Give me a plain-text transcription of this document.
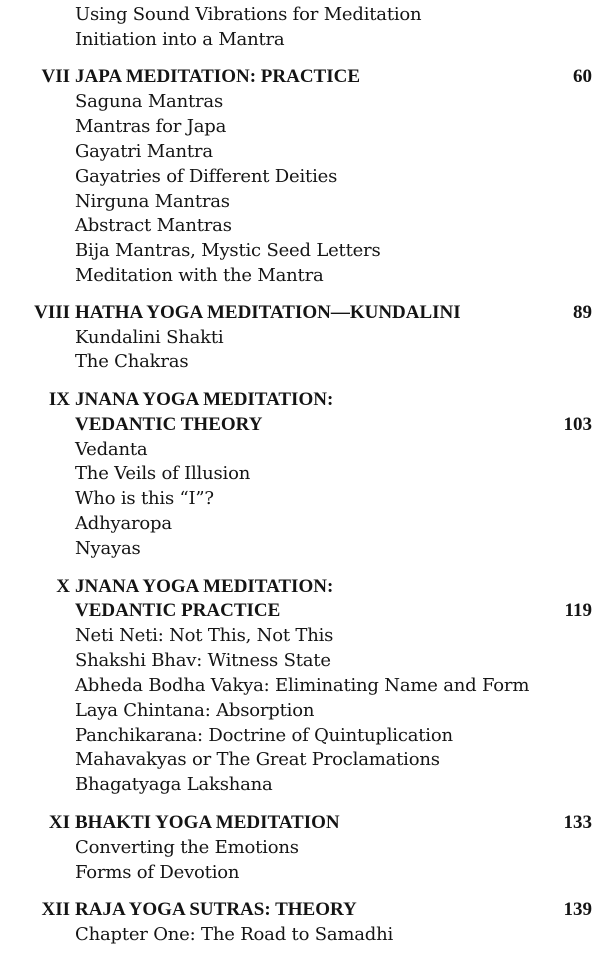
Using Sound Vibrations for Meditation
Initiation into a Mantra
VII JAPA MEDITATION: PRACTICE	60
Saguna Mantras
Mantras for Japa
Gayatri Mantra
Gayatries of Different Deities
Nirguna Mantras
Abstract Mantras
Bija Mantras, Mystic Seed Letters
Meditation with the Mantra
VIII HATHA YOGA MEDITATION—KUNDALINI	89
Kundalini Shakti
The Chakras
IX JNANA YOGA MEDITATION:
VEDANTIC THEORY	103
Vedanta
The Veils of Illusion
Who is this “I”?
Adhyaropa
Nyayas
X JNANA YOGA MEDITATION:
VEDANTIC PRACTICE	119
Neti Neti: Not This, Not This
Shakshi Bhav: Witness State
Abheda Bodha Vakya: Eliminating Name and Form
Laya Chintana: Absorption
Panchikarana: Doctrine of Quintuplication
Mahavakyas or The Great Proclamations
Bhagatyaga Lakshana
XI BHAKTI YOGA MEDITATION	133
Converting the Emotions
Forms of Devotion
XII RAJA YOGA SUTRAS: THEORY	139
Chapter One: The Road to Samadhi
